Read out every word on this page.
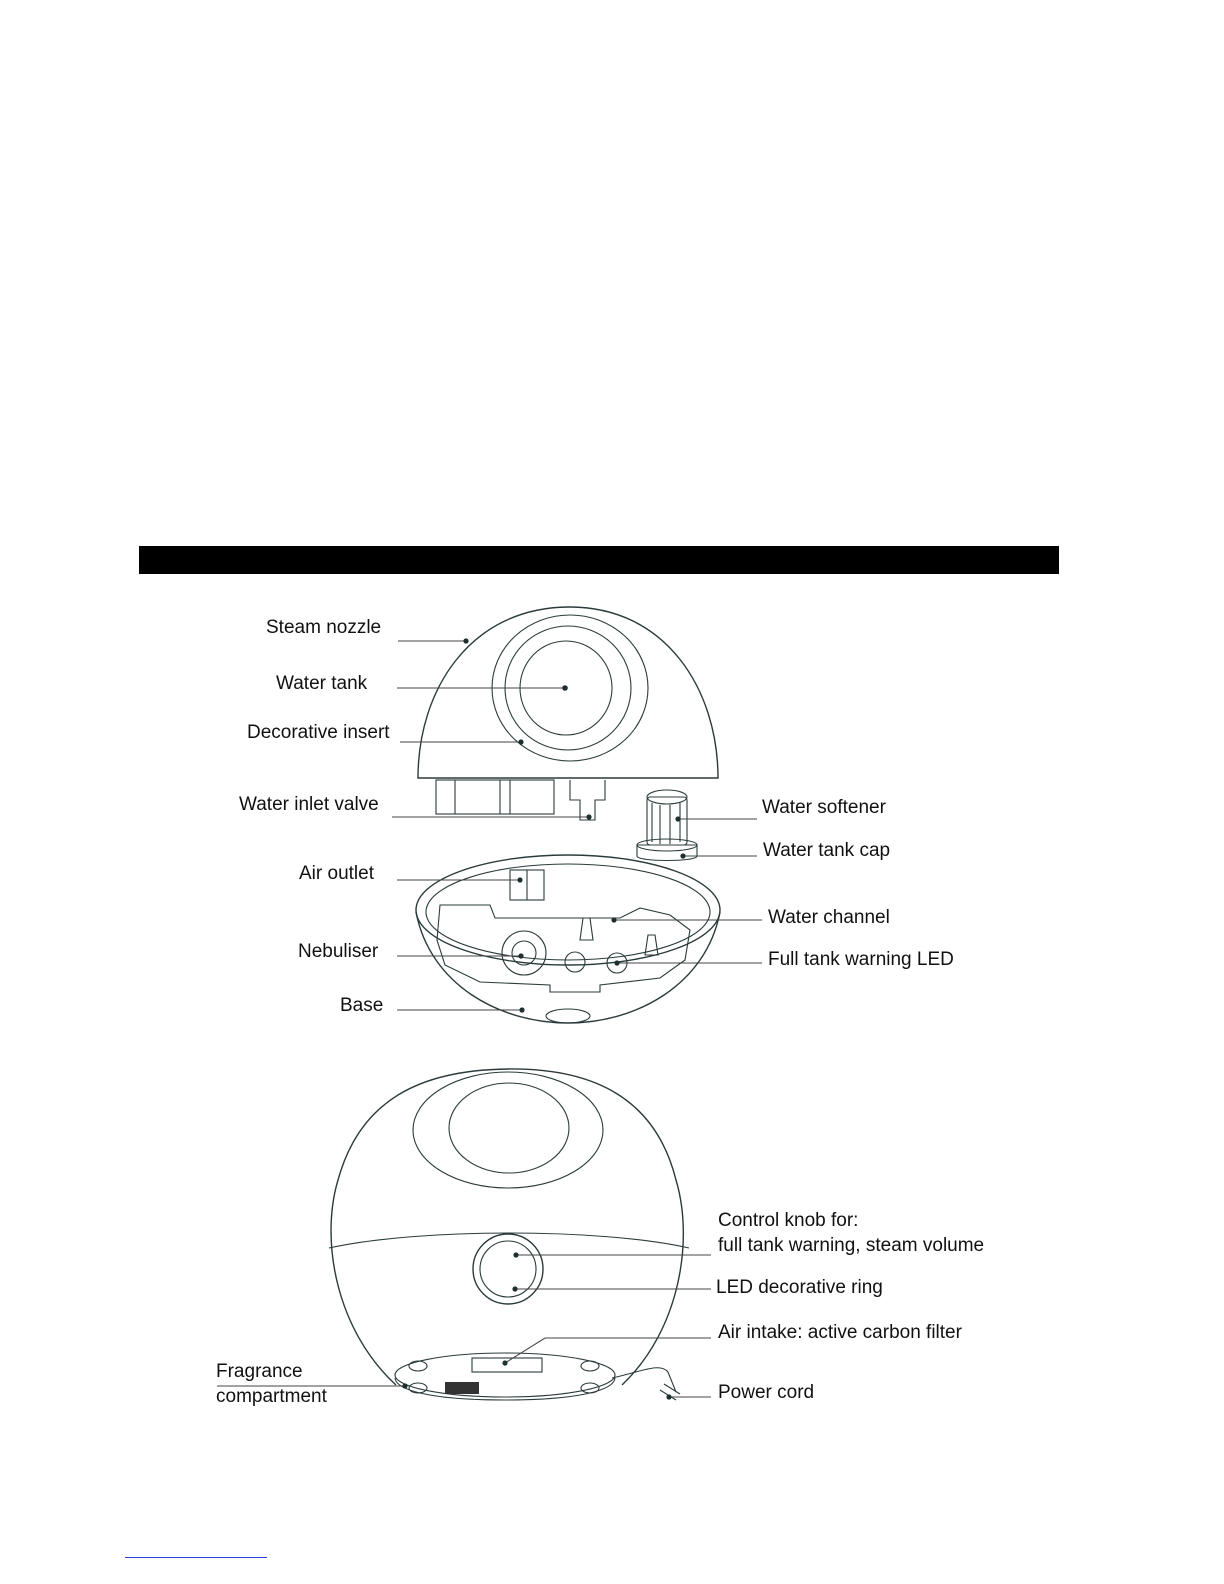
Steam nozzle
Water tank
Decorative insert
Water inlet valve
Air outlet
Nebuliser
Base
Water softener
Water tank cap
Water channel
Full tank warning LED
Control knob for:
full tank warning, steam volume
LED decorative ring
Air intake: active carbon filter
Fragrance
compartment	Power cord
